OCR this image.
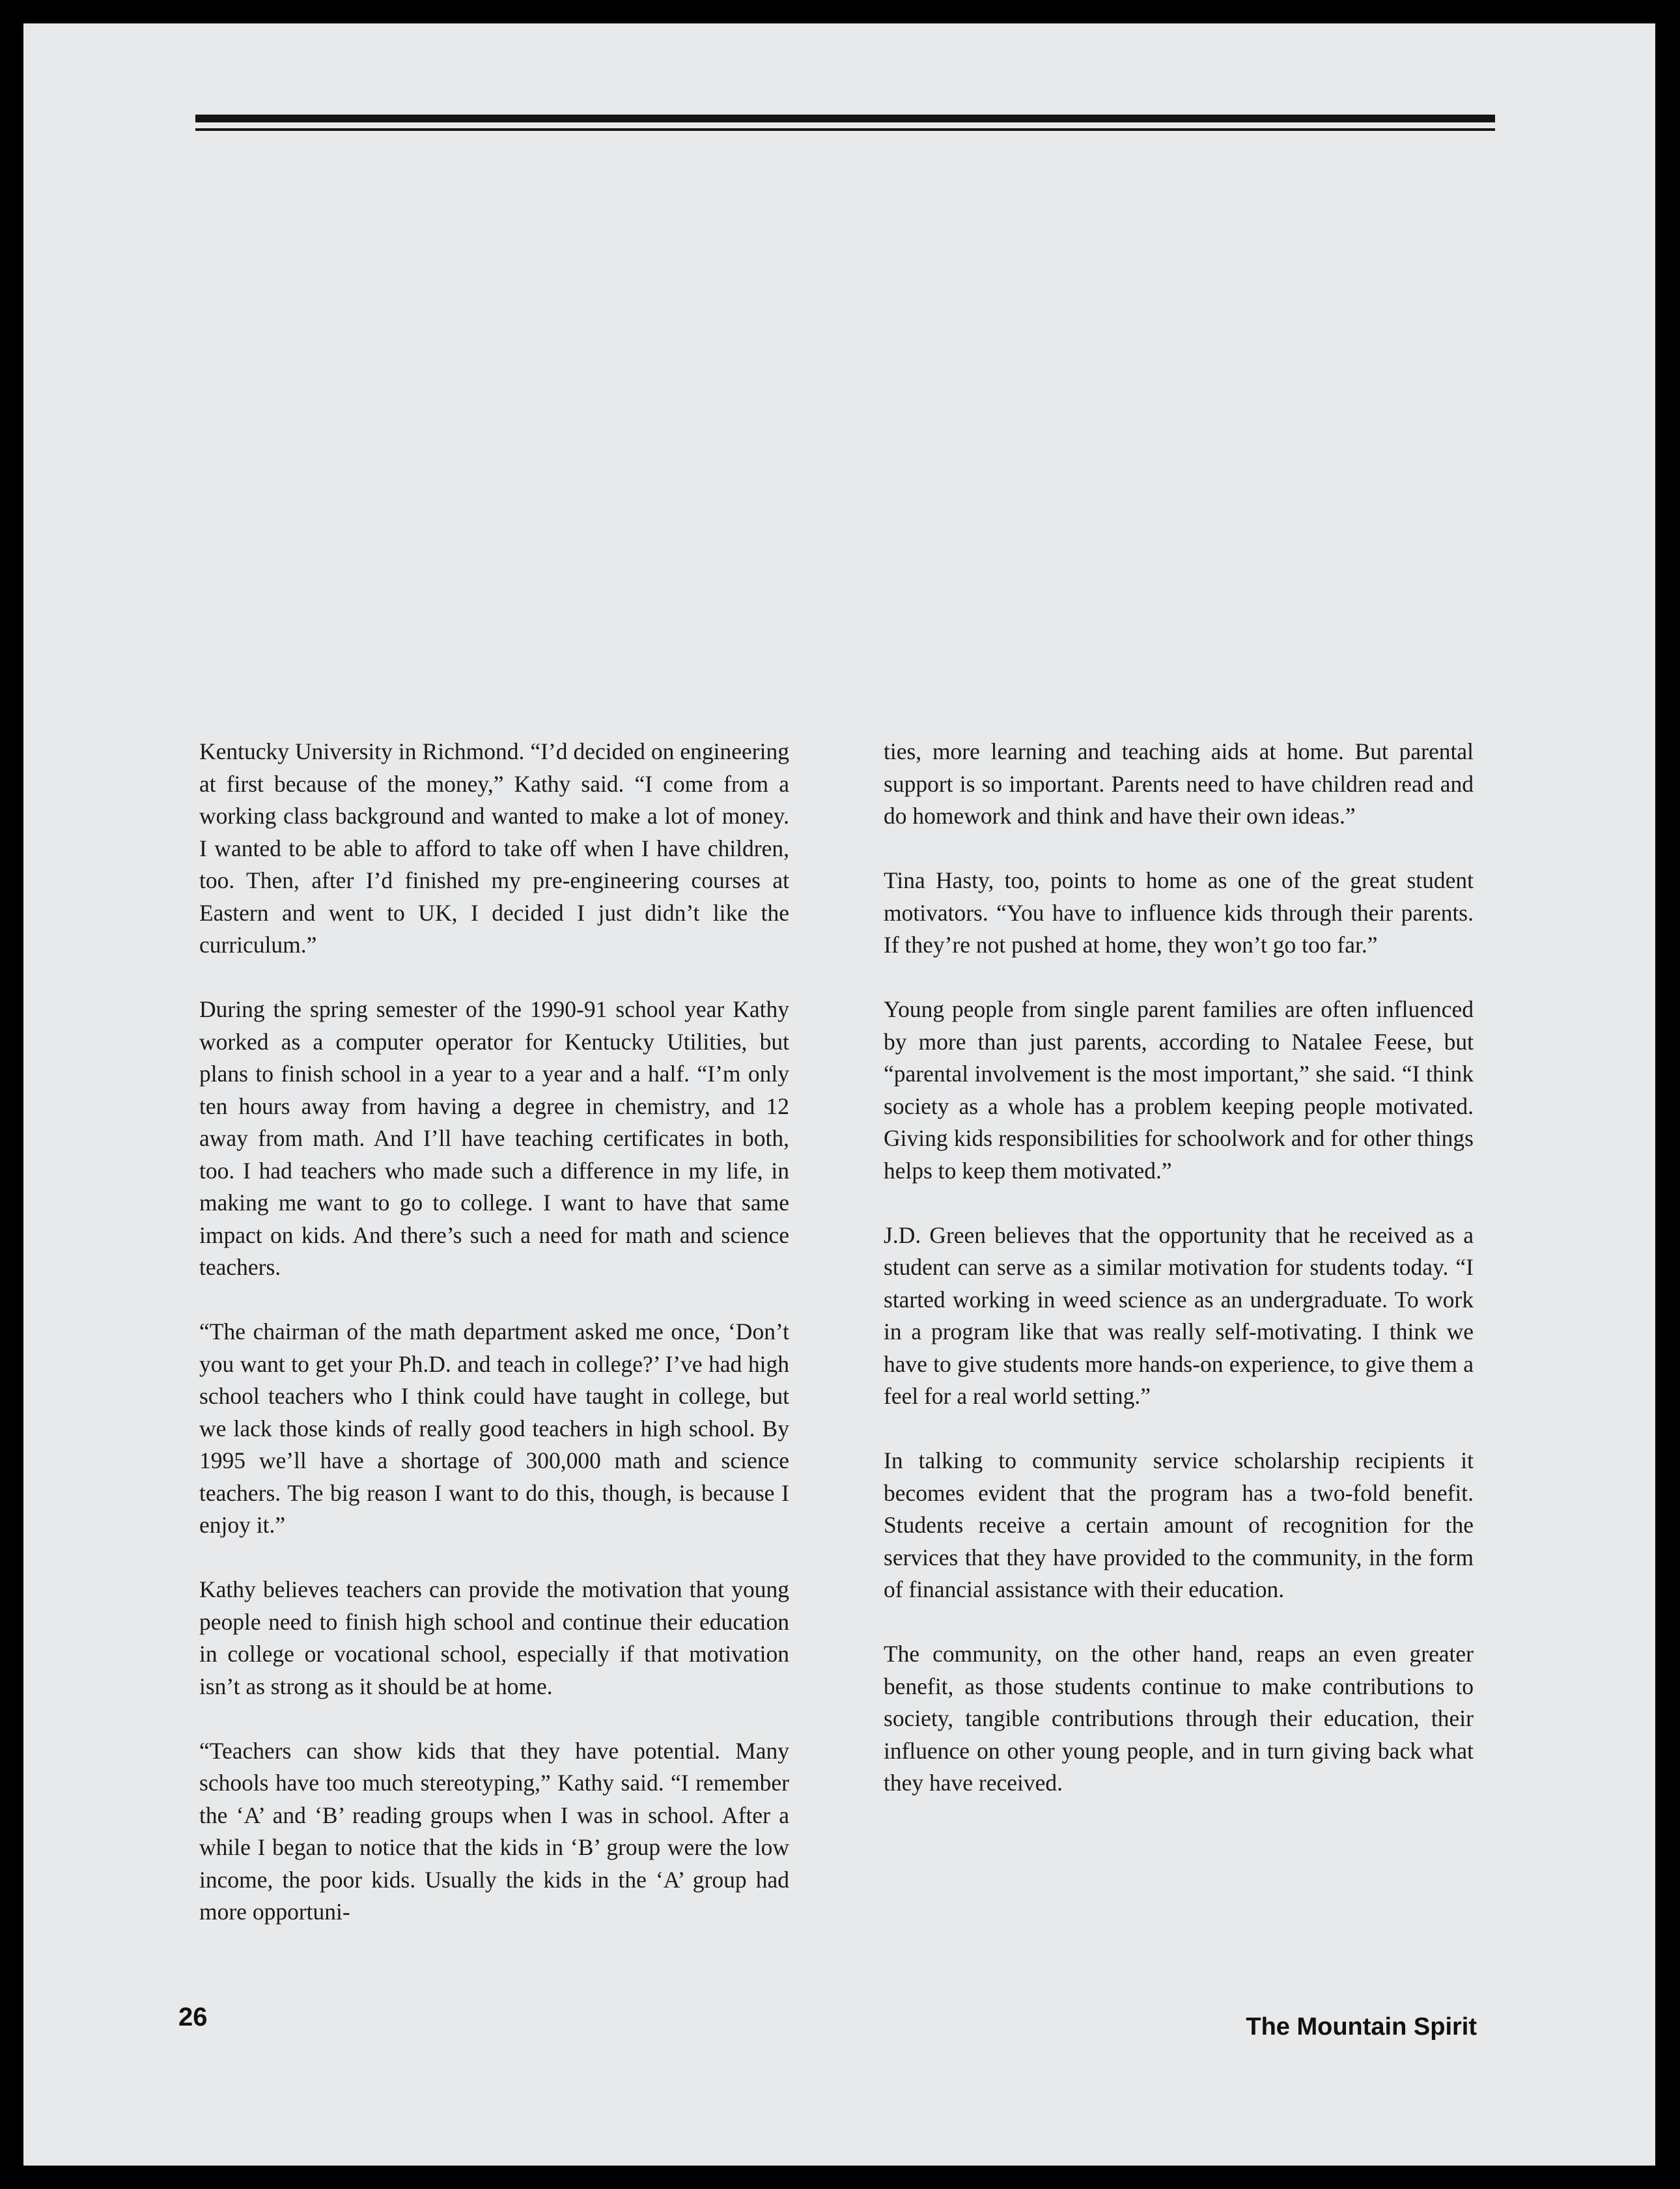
Kentucky University in Richmond. “I’d decided on engineering at first because of the money,” Kathy said. “I come from a working class background and wanted to make a lot of money. I wanted to be able to afford to take off when I have children, too. Then, after I’d finished my pre-engineering courses at Eastern and went to UK, I decided I just didn’t like the curriculum.”

During the spring semester of the 1990-91 school year Kathy worked as a computer operator for Kentucky Utilities, but plans to finish school in a year to a year and a half. “I’m only ten hours away from having a degree in chemistry, and 12 away from math. And I’ll have teaching certificates in both, too. I had teachers who made such a difference in my life, in making me want to go to college. I want to have that same impact on kids. And there’s such a need for math and science teachers.

“The chairman of the math department asked me once, ‘Don’t you want to get your Ph.D. and teach in college?’ I’ve had high school teachers who I think could have taught in college, but we lack those kinds of really good teachers in high school. By 1995 we’ll have a shortage of 300,000 math and science teachers. The big reason I want to do this, though, is because I enjoy it.”

Kathy believes teachers can provide the motivation that young people need to finish high school and continue their education in college or vocational school, especially if that motivation isn’t as strong as it should be at home.

“Teachers can show kids that they have potential. Many schools have too much stereotyping,” Kathy said. “I remember the ‘A’ and ‘B’ reading groups when I was in school. After a while I began to notice that the kids in ‘B’ group were the low income, the poor kids. Usually the kids in the ‘A’ group had more opportuni-

ties, more learning and teaching aids at home. But parental support is so important. Parents need to have children read and do homework and think and have their own ideas.”

Tina Hasty, too, points to home as one of the great student motivators. “You have to influence kids through their parents. If they’re not pushed at home, they won’t go too far.”

Young people from single parent families are often influenced by more than just parents, according to Natalee Feese, but “parental involvement is the most important,” she said. “I think society as a whole has a problem keeping people motivated. Giving kids responsibilities for schoolwork and for other things helps to keep them motivated.”

J.D. Green believes that the opportunity that he received as a student can serve as a similar motivation for students today. “I started working in weed science as an undergraduate. To work in a program like that was really self-motivating. I think we have to give students more hands-on experience, to give them a feel for a real world setting.”

In talking to community service scholarship recipients it becomes evident that the program has a two-fold benefit. Students receive a certain amount of recognition for the services that they have provided to the community, in the form of financial assistance with their education.

The community, on the other hand, reaps an even greater benefit, as those students continue to make contributions to society, tangible contributions through their education, their influence on other young people, and in turn giving back what they have received.

26	The Mountain Spirit
